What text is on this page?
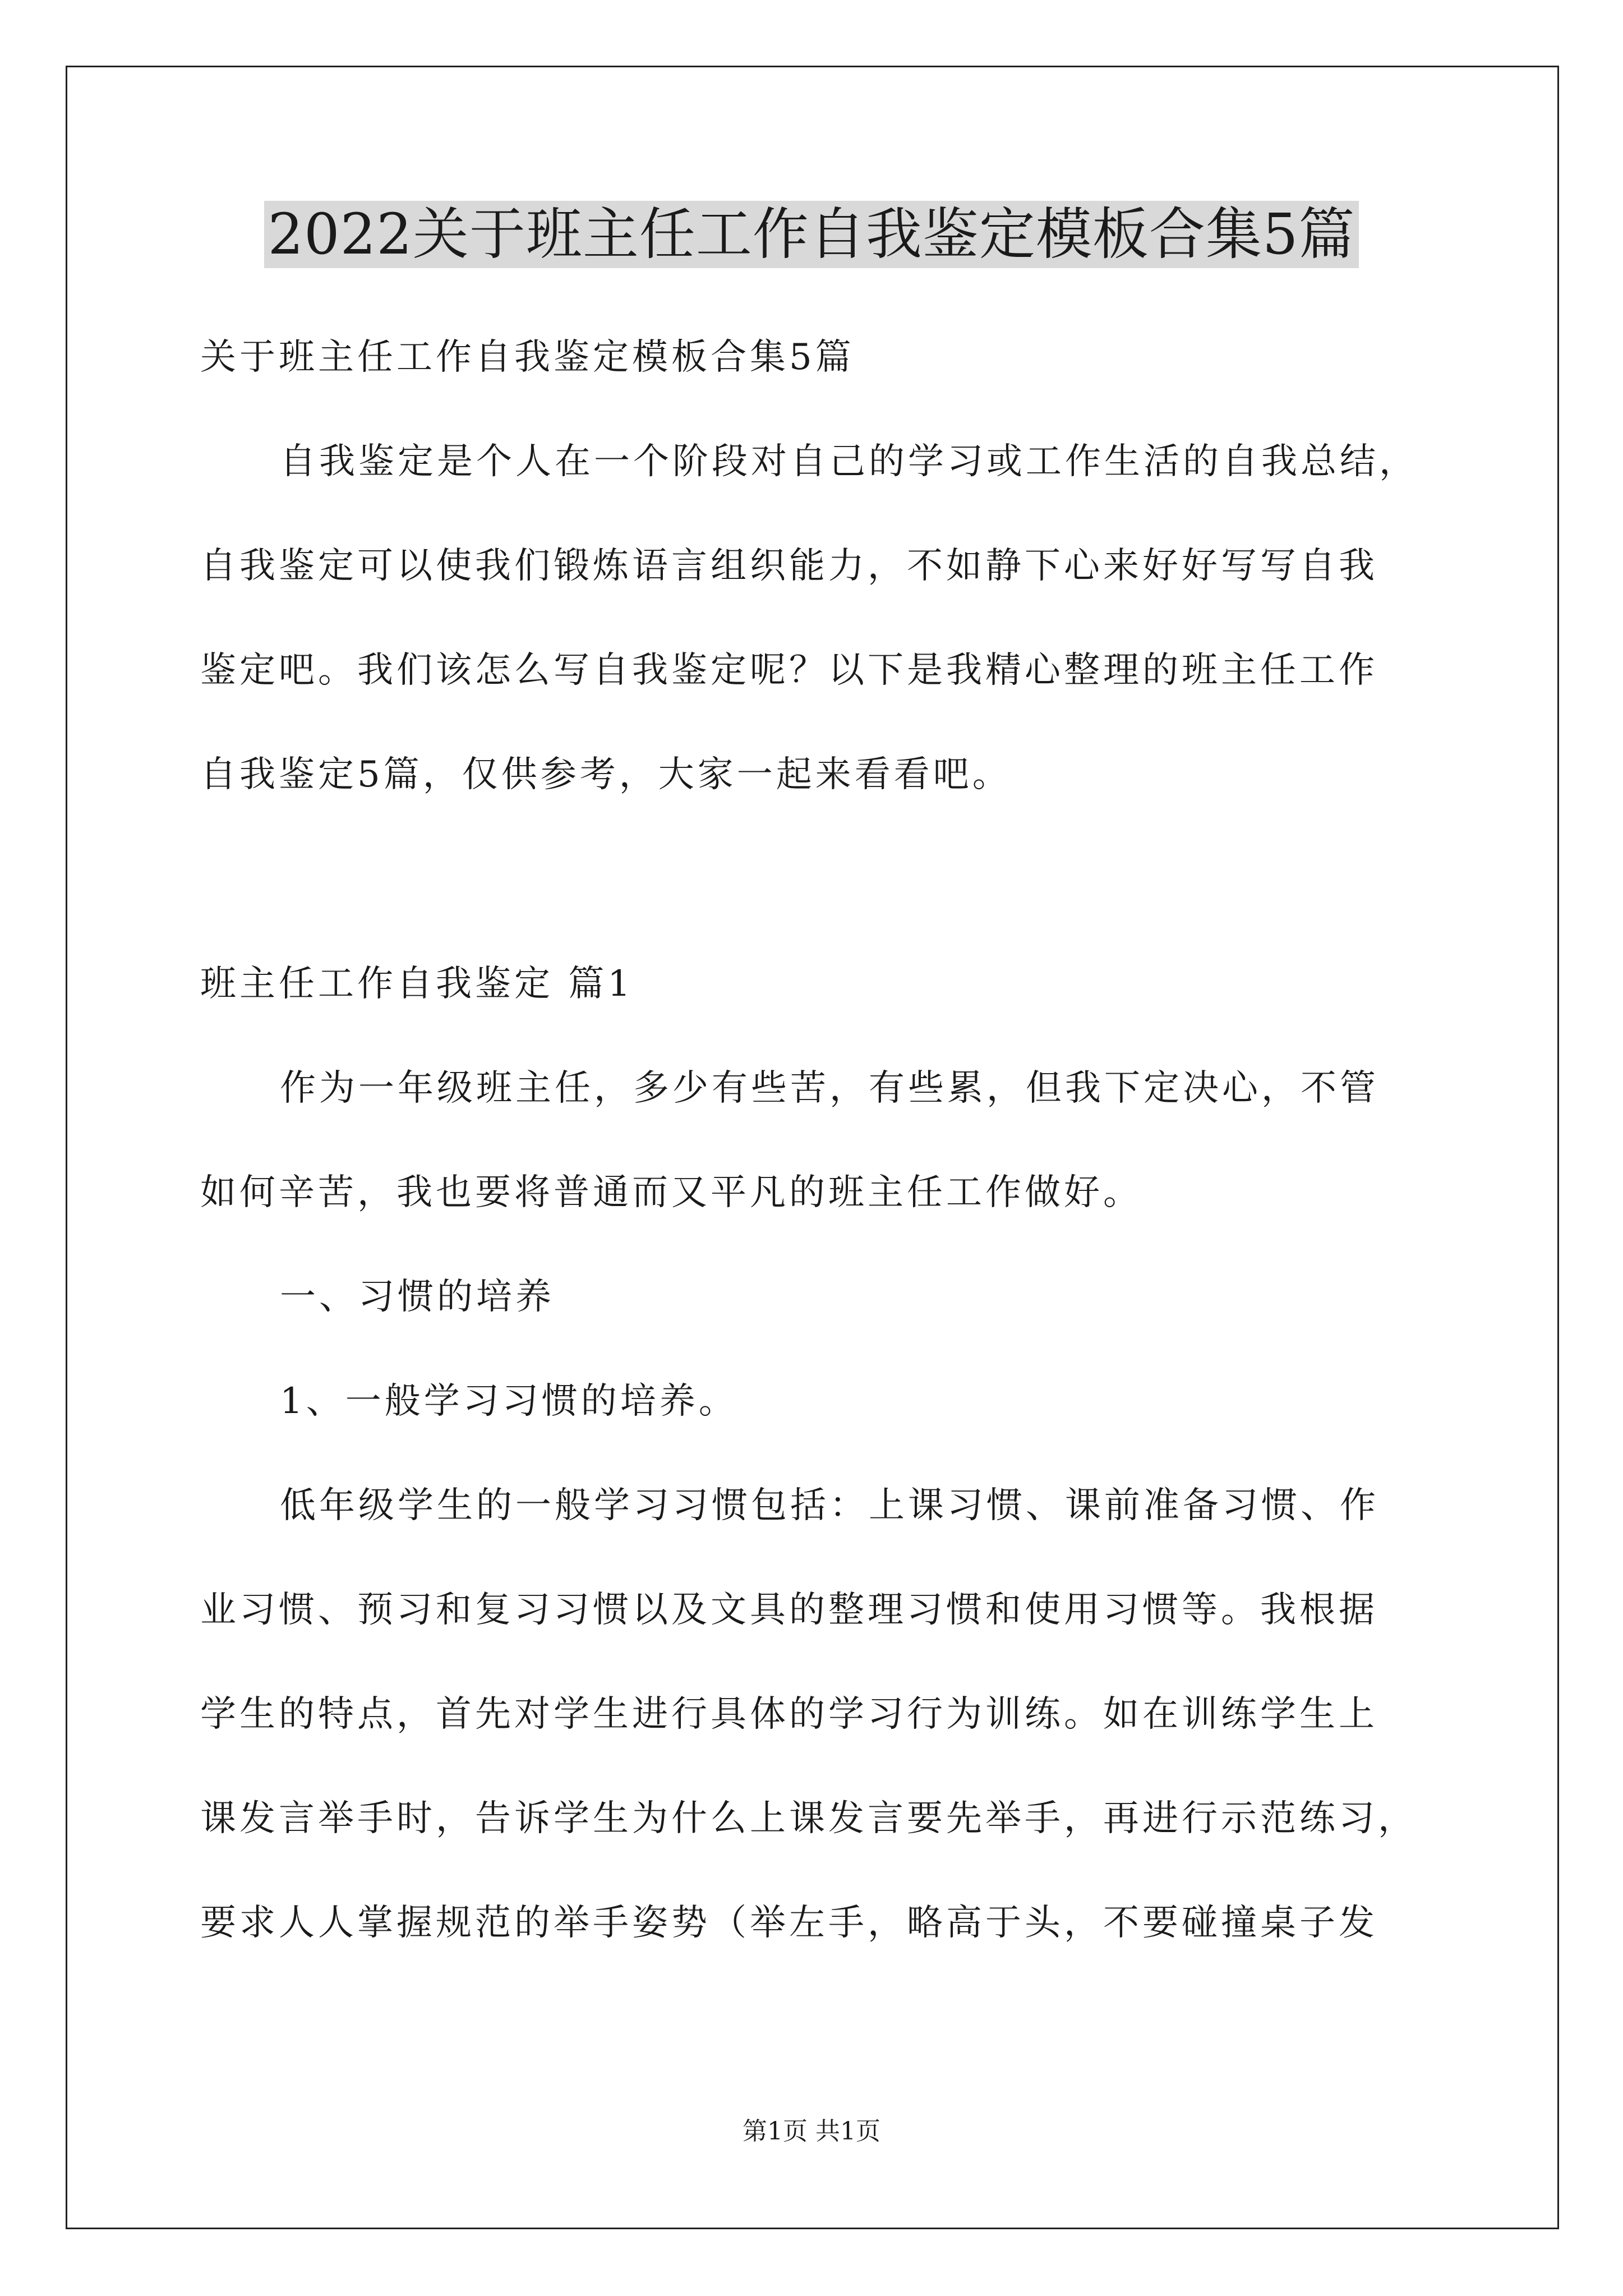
2022关于班主任工作自我鉴定模板合集5篇

关于班主任工作自我鉴定模板合集5篇

自我鉴定是个人在一个阶段对自己的学习或工作生活的自我总结，

自我鉴定可以使我们锻炼语言组织能力，不如静下心来好好写写自我

鉴定吧。我们该怎么写自我鉴定呢？以下是我精心整理的班主任工作

自我鉴定5篇，仅供参考，大家一起来看看吧。

班主任工作自我鉴定 篇1

作为一年级班主任，多少有些苦，有些累，但我下定决心，不管

如何辛苦，我也要将普通而又平凡的班主任工作做好。

一、习惯的培养

1、一般学习习惯的培养。

低年级学生的一般学习习惯包括：上课习惯、课前准备习惯、作

业习惯、预习和复习习惯以及文具的整理习惯和使用习惯等。我根据

学生的特点，首先对学生进行具体的学习行为训练。如在训练学生上

课发言举手时，告诉学生为什么上课发言要先举手，再进行示范练习，

要求人人掌握规范的举手姿势（举左手，略高于头，不要碰撞桌子发

第1页 共1页
